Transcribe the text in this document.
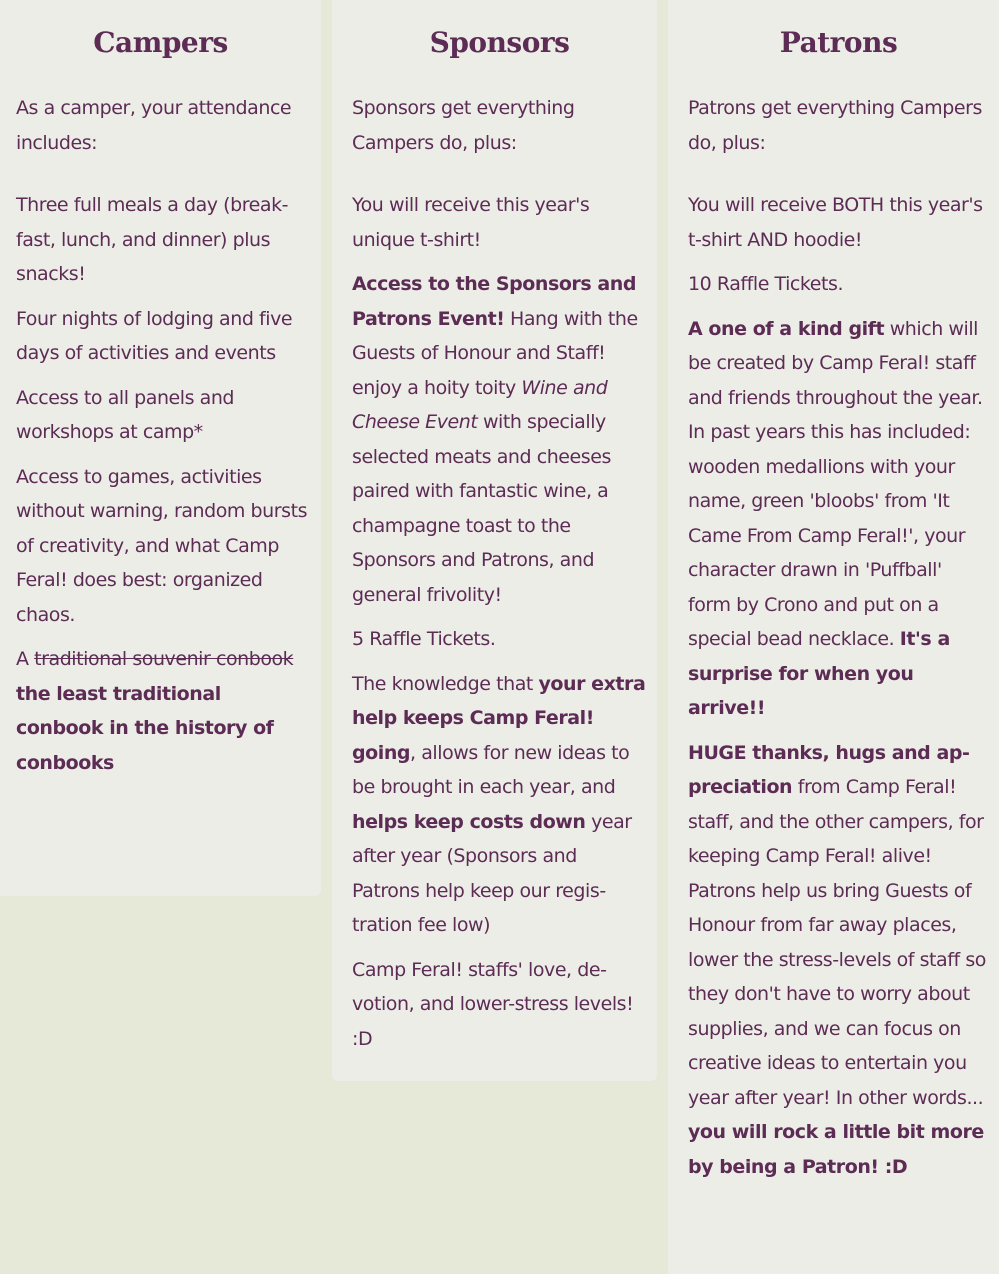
Campers
As a camper, your attendance includes:
Three full meals a day (breakfast, lunch, and dinner) plus snacks!
Four nights of lodging and five days of activities and events
Access to all panels and workshops at camp*
Access to games, activities without warning, random bursts of creativity, and what Camp Feral! does best: organized chaos.
A traditional souvenir conbook the least traditional conbook in the history of conbooks
Sponsors
Sponsors get everything Campers do, plus:
You will receive this year's unique t-shirt!
Access to the Sponsors and Patrons Event! Hang with the Guests of Honour and Staff! enjoy a hoity toity Wine and Cheese Event with specially selected meats and cheeses paired with fantastic wine, a champagne toast to the Sponsors and Patrons, and general frivolity!
5 Raffle Tickets.
The knowledge that your extra help keeps Camp Feral! going, allows for new ideas to be brought in each year, and helps keep costs down year after year (Sponsors and Patrons help keep our registration fee low)
Camp Feral! staffs' love, devotion, and lower-stress levels! :D
Patrons
Patrons get everything Campers do, plus:
You will receive BOTH this year's t-shirt AND hoodie!
10 Raffle Tickets.
A one of a kind gift which will be created by Camp Feral! staff and friends throughout the year. In past years this has included: wooden medallions with your name, green 'bloobs' from 'It Came From Camp Feral!', your character drawn in 'Puffball' form by Crono and put on a special bead necklace. It's a surprise for when you arrive!!
HUGE thanks, hugs and appreciation from Camp Feral! staff, and the other campers, for keeping Camp Feral! alive! Patrons help us bring Guests of Honour from far away places, lower the stress-levels of staff so they don't have to worry about supplies, and we can focus on creative ideas to entertain you year after year! In other words... you will rock a little bit more by being a Patron! :D
